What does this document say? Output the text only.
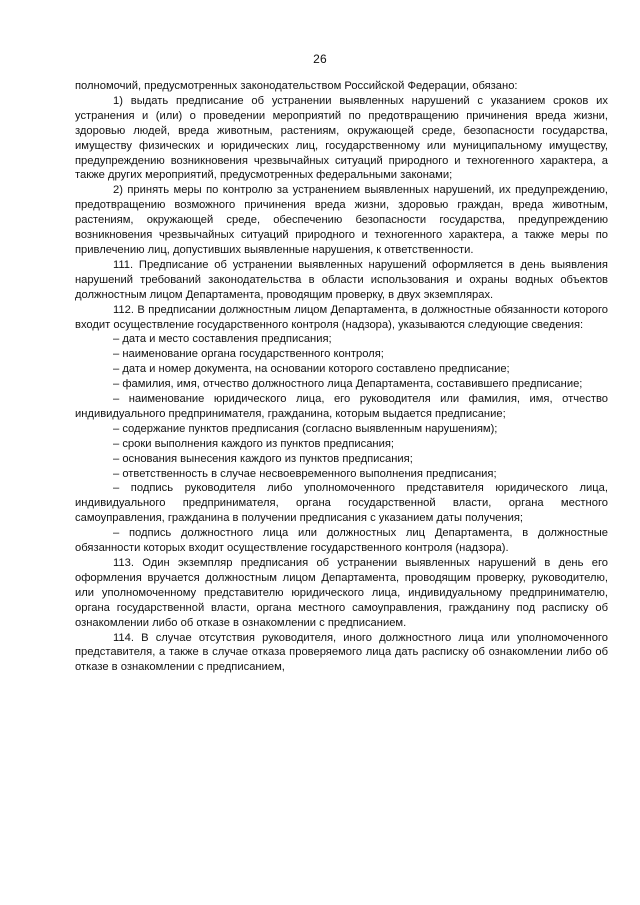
26

полномочий, предусмотренных законодательством Российской Федерации, обязано:

1) выдать предписание об устранении выявленных нарушений с указанием сроков их устранения и (или) о проведении мероприятий по предотвращению причинения вреда жизни, здоровью людей, вреда животным, растениям, окружающей среде, безопасности государства, имуществу физических и юридических лиц, государственному или муниципальному имуществу, предупреждению возникновения чрезвычайных ситуаций природного и техногенного характера, а также других мероприятий, предусмотренных федеральными законами;

2) принять меры по контролю за устранением выявленных нарушений, их предупреждению, предотвращению возможного причинения вреда жизни, здоровью граждан, вреда животным, растениям, окружающей среде, обеспечению безопасности государства, предупреждению возникновения чрезвычайных ситуаций природного и техногенного характера, а также меры по привлечению лиц, допустивших выявленные нарушения, к ответственности.

111. Предписание об устранении выявленных нарушений оформляется в день выявления нарушений требований законодательства в области использования и охраны водных объектов должностным лицом Департамента, проводящим проверку, в двух экземплярах.

112. В предписании должностным лицом Департамента, в должностные обязанности которого входит осуществление государственного контроля (надзора), указываются следующие сведения:

– дата и место составления предписания;

– наименование органа государственного контроля;

– дата и номер документа, на основании которого составлено предписание;

– фамилия, имя, отчество должностного лица Департамента, составившего предписание;

– наименование юридического лица, его руководителя или фамилия, имя, отчество индивидуального предпринимателя, гражданина, которым выдается предписание;

– содержание пунктов предписания (согласно выявленным нарушениям);

– сроки выполнения каждого из пунктов предписания;

– основания вынесения каждого из пунктов предписания;

– ответственность в случае несвоевременного выполнения предписания;

– подпись руководителя либо уполномоченного представителя юридического лица, индивидуального предпринимателя, органа государственной власти, органа местного самоуправления, гражданина в получении предписания с указанием даты получения;

– подпись должностного лица или должностных лиц Департамента, в должностные обязанности которых входит осуществление государственного контроля (надзора).

113. Один экземпляр предписания об устранении выявленных нарушений в день его оформления вручается должностным лицом Департамента, проводящим проверку, руководителю, или уполномоченному представителю юридического лица, индивидуальному предпринимателю, органа государственной власти, органа местного самоуправления, гражданину под расписку об ознакомлении либо об отказе в ознакомлении с предписанием.

114. В случае отсутствия руководителя, иного должностного лица или уполномоченного представителя, а также в случае отказа проверяемого лица дать расписку об ознакомлении либо об отказе в ознакомлении с предписанием,
